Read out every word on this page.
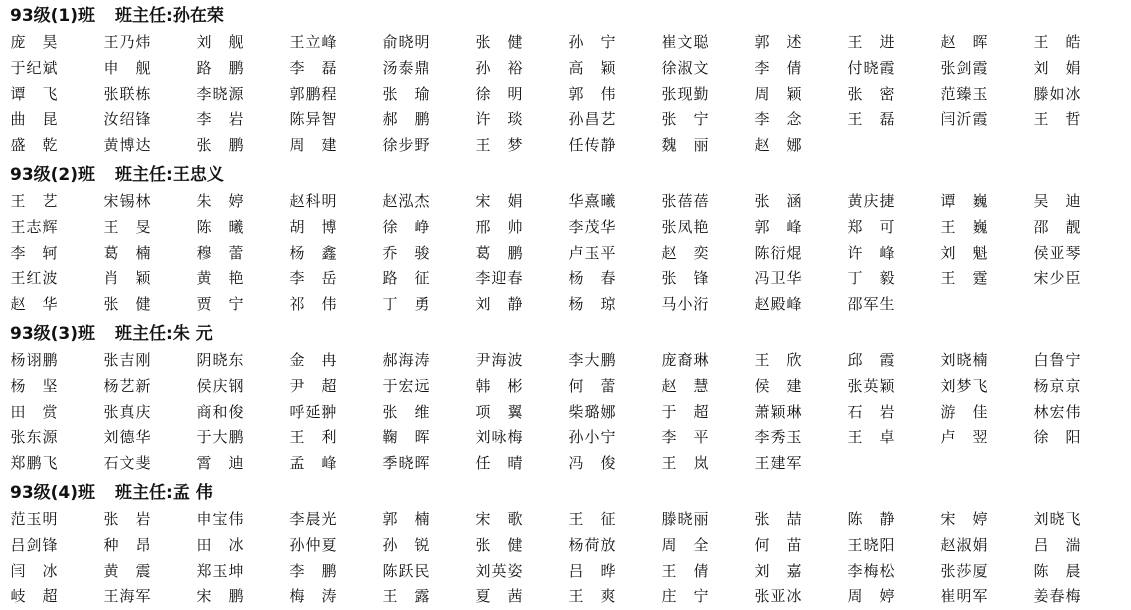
93级(1)班 班主任: 孙在荣
庞 昊	王乃炜	刘 舰	王立峰	俞晓明	张 健	孙 宁	崔文聪	郭 述	王 进	赵 晖	王 皓
于纪斌	申 舰	路 鹏	李 磊	汤泰鼎	孙 裕	高 颖	徐淑文	李 倩	付晓霞	张剑霞	刘 娟
谭 飞	张联栋	李晓源	郭鹏程	张 瑜	徐 明	郭 伟	张现勤	周 颖	张 密	范臻玉	滕如冰
曲 昆	汝绍锋	李 岩	陈异智	郝 鹏	许 琰	孙昌艺	张 宁	李 念	王 磊	闫沂霞	王 哲
盛 乾	黄博达	张 鹏	周 建	徐步野	王 梦	任传静	魏 丽	赵 娜
93级(2)班 班主任: 王忠义
王 艺	宋锡林	朱 婷	赵科明	赵泓杰	宋 娟	华熹曦	张蓓蓓	张 涵	黄庆捷	谭 巍	吴 迪
王志辉	王 旻	陈 曦	胡 博	徐 峥	邢 帅	李茂华	张凤艳	郭 峰	郑 可	王 巍	邵 靓
李 轲	葛 楠	穆 蕾	杨 鑫	乔 骏	葛 鹏	卢玉平	赵 奕	陈衍焜	许 峰	刘 魁	侯亚琴
王红波	肖 颖	黄 艳	李 岳	路 征	李迎春	杨 春	张 锋	冯卫华	丁 毅	王 霆	宋少臣
赵 华	张 健	贾 宁	祁 伟	丁 勇	刘 静	杨 琼	马小洐	赵殿峰	邵军生
93级(3)班 班主任: 朱 元
杨诩鹏	张吉刚	阴晓东	金 冉	郝海涛	尹海波	李大鹏	庞裔琳	王 欣	邱 霞	刘晓楠	白鲁宁
杨 坚	杨艺新	侯庆钢	尹 超	于宏远	韩 彬	何 蕾	赵 慧	侯 建	张英颖	刘梦飞	杨京京
田 赏	张真庆	商和俊	呼延翀	张 维	项 翼	柴璐娜	于 超	萧颖琳	石 岩	游 佳	林宏伟
张东源	刘德华	于大鹏	王 利	鞠 晖	刘咏梅	孙小宁	李 平	李秀玉	王 卓	卢 翌	徐 阳
郑鹏飞	石文斐	霄 迪	孟 峰	季晓晖	任 晴	冯 俊	王 岚	王建军
93级(4)班 班主任: 孟 伟
范玉明	张 岩	申宝伟	李晨光	郭 楠	宋 歌	王 征	滕晓丽	张 喆	陈 静	宋 婷	刘晓飞
吕剑锋	种 昂	田 冰	孙仲夏	孙 锐	张 健	杨荷放	周 全	何 苗	王晓阳	赵淑娟	吕 湍
闫 冰	黄 震	郑玉坤	李 鹏	陈跃民	刘英姿	吕 晔	王 倩	刘 嘉	李梅松	张莎厦	陈 晨
岐 超	王海军	宋 鹏	梅 涛	王 露	夏 茜	王 爽	庄 宁	张亚冰	周 婷	崔明军	姜春梅
